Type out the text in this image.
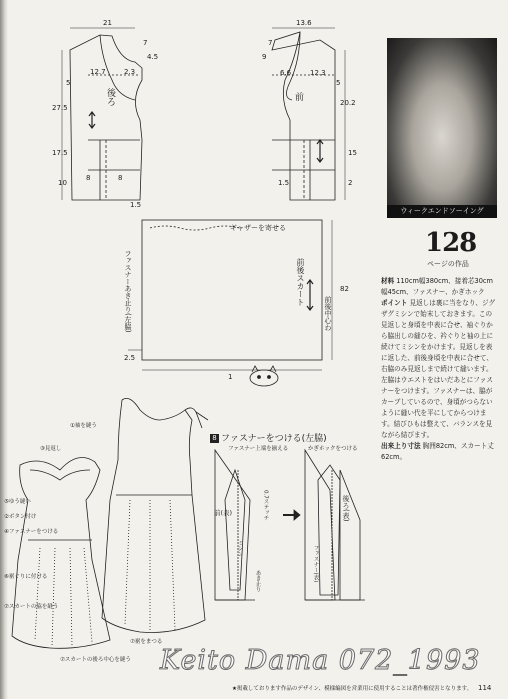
21
7
4.5
12.7	2.3
5
27.5
17.5
10
8	8
1.5
後ろ
13.6
7
9
12.3
6.6
20.2
5
1.5
15
2
前
ギャザーを寄せる
前後スカート
ファスナーあき止り(左脇)	前後中心わ
82
2.5
1
①袖を縫う
③見返し
⑤ゆう縫い
②ボタン付け
④ファスナーをつける
⑥裾ぐりに付ける
⑦スカートの脇を縫う
⑦スカートの後ろ中心を縫う
⑦裾をまつる
ウィークエンドソーイング
128
ページの作品

材料 110cm幅380cm、接着芯30cm幅45cm、ファスナー、かぎホック

ポイント 見返しは裏に当をなり、ジグザグミシンで始末しておきます。この見返しと身頃を中表に合せ、袖ぐりから脇出しの縫ひを、衿ぐりと袖の上に続けてミシンをかけます。見返しを表に返した、前後身頃を中表に合せて、右脇のみ見返しまで続けて縫います。左脇はウエストをはいだあとにファスナーをつけます。ファスナーは、脇がカーブしているので、身頃がつらないように縫い代を平にしてからつけます。結びひもは整えて、バランスを見ながら結びます。

出来上り寸法 胸囲82cm、スカート丈62cm。

8 ファスナーをつける(左脇)
ファスナー上端を揃える	かぎホックをつける
前(表)	後ろ(表)
0.7ステッチ
あき止り
ミシン	ファスナー(表)
Keito Dama 072_1993
★掲載しております作品のデザイン、模様編図を営業用に使用することは著作権侵害となります。 114
